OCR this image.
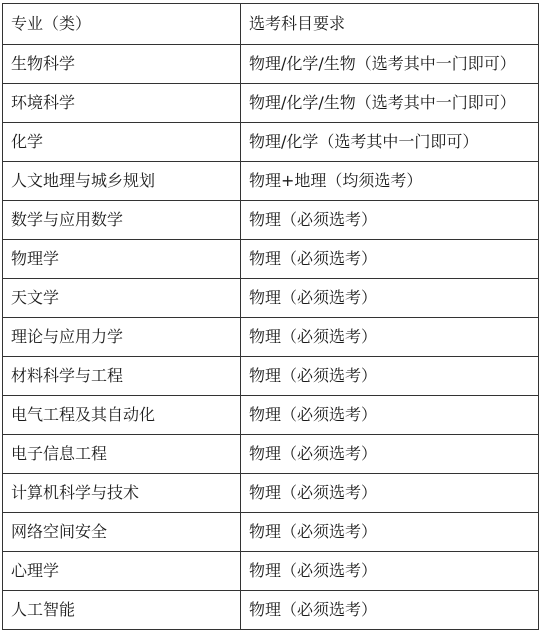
专业（类）	选考科目要求
生物科学	物理/化学/生物（选考其中一门即可）
环境科学	物理/化学/生物（选考其中一门即可）
化学	物理/化学（选考其中一门即可）
人文地理与城乡规划	物理+地理（均须选考）
数学与应用数学	物理（必须选考）
物理学	物理（必须选考）
天文学	物理（必须选考）
理论与应用力学	物理（必须选考）
材料科学与工程	物理（必须选考）
电气工程及其自动化	物理（必须选考）
电子信息工程	物理（必须选考）
计算机科学与技术	物理（必须选考）
网络空间安全	物理（必须选考）
心理学	物理（必须选考）
人工智能	物理（必须选考）
